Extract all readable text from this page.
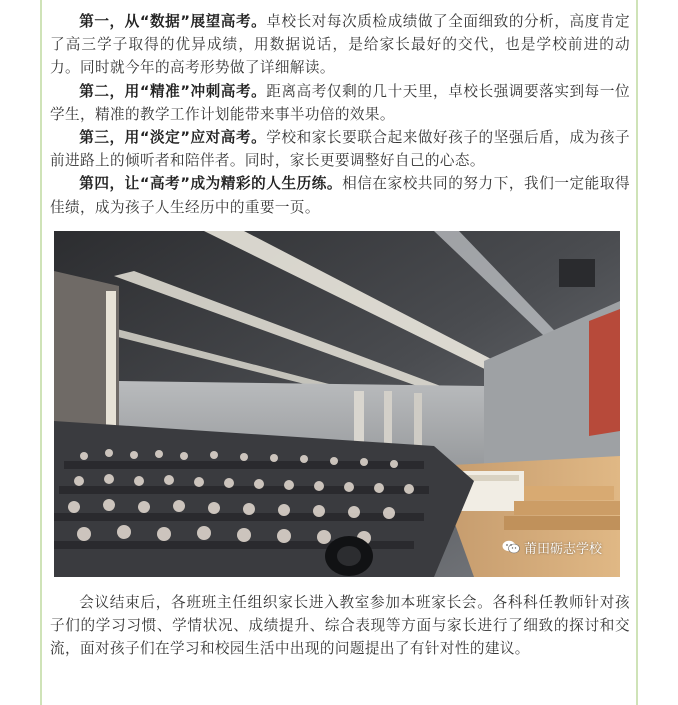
第一，从“数据”展望高考。卓校长对每次质检成绩做了全面细致的分析，高度肯定了高三学子取得的优异成绩，用数据说话，是给家长最好的交代，也是学校前进的动力。同时就今年的高考形势做了详细解读。

第二，用“精准”冲刺高考。距离高考仅剩的几十天里，卓校长强调要落实到每一位学生，精准的教学工作计划能带来事半功倍的效果。

第三，用“淡定”应对高考。学校和家长要联合起来做好孩子的坚强后盾，成为孩子前进路上的倾听者和陪伴者。同时，家长更要调整好自己的心态。

第四，让“高考”成为精彩的人生历练。相信在家校共同的努力下，我们一定能取得佳绩，成为孩子人生经历中的重要一页。

莆田砺志学校

会议结束后，各班班主任组织家长进入教室参加本班家长会。各科科任教师针对孩子们的学习习惯、学情状况、成绩提升、综合表现等方面与家长进行了细致的探讨和交流，面对孩子们在学习和校园生活中出现的问题提出了有针对性的建议。
